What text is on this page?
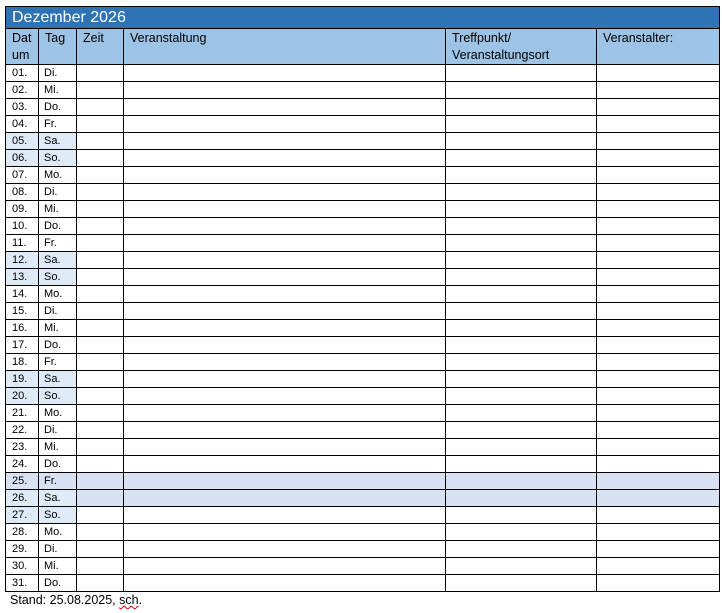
Dezember 2026					
Dat um	Tag	Zeit	Veranstaltung	Treffpunkt/ Veranstaltungsort	Veranstalter:
01.	Di.				
02.	Mi.				
03.	Do.				
04.	Fr.				
05.	Sa.				
06.	So.				
07.	Mo.				
08.	Di.				
09.	Mi.				
10.	Do.				
11.	Fr.				
12.	Sa.				
13.	So.				
14.	Mo.				
15.	Di.				
16.	Mi.				
17.	Do.				
18.	Fr.				
19.	Sa.				
20.	So.				
21.	Mo.				
22.	Di.				
23.	Mi.				
24.	Do.				
25.	Fr.				
26.	Sa.				
27.	So.				
28.	Mo.				
29.	Di.				
30.	Mi.				
31.	Do.				
Stand: 25.08.2025, sch.
